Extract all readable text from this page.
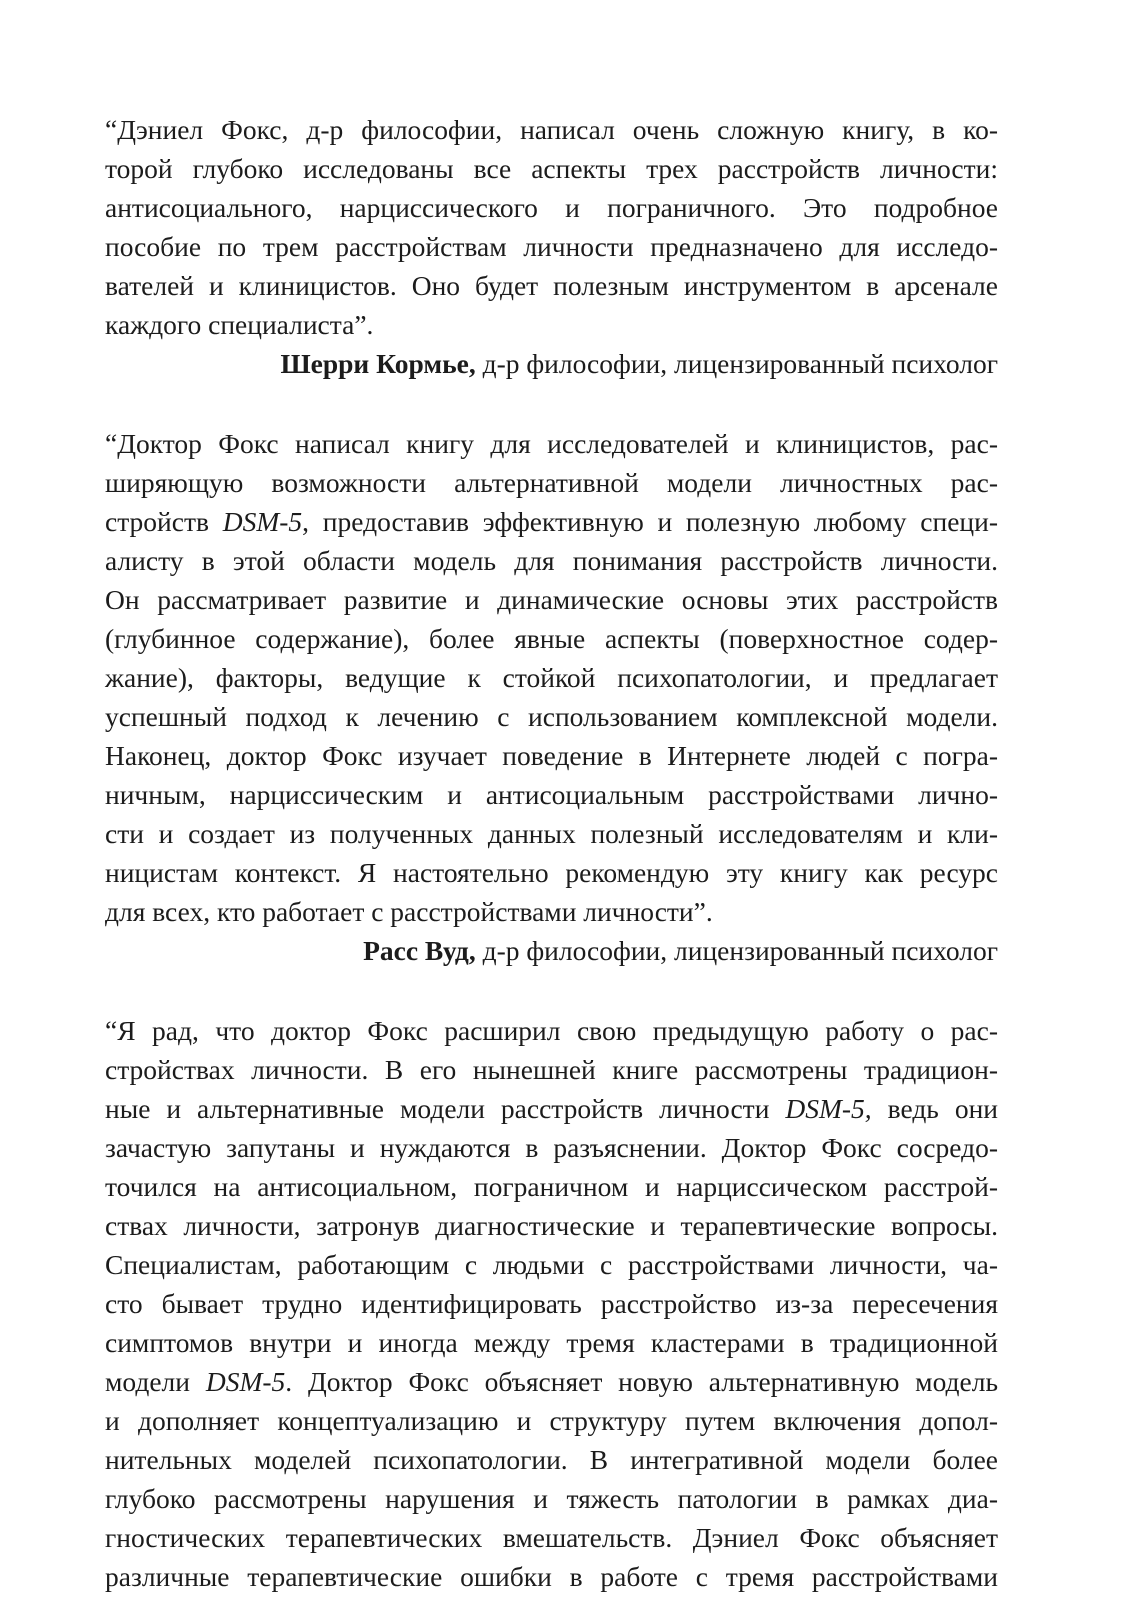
“Дэниел Фокс, д-р философии, написал очень сложную книгу, в ко-

торой глубоко исследованы все аспекты трех расстройств личности:

антисоциального, нарциссического и пограничного. Это подробное

пособие по трем расстройствам личности предназначено для исследо-

вателей и клиницистов. Оно будет полезным инструментом в арсенале

каждого специалиста”.

Шерри Кормье, д-р философии, лицензированный психолог

“Доктор Фокс написал книгу для исследователей и клиницистов, рас-

ширяющую возможности альтернативной модели личностных рас-

стройств DSM-5, предоставив эффективную и полезную любому специ-

алисту в этой области модель для понимания расстройств личности.

Он рассматривает развитие и динамические основы этих расстройств

(глубинное содержание), более явные аспекты (поверхностное содер-

жание), факторы, ведущие к стойкой психопатологии, и предлагает

успешный подход к лечению с использованием комплексной модели.

Наконец, доктор Фокс изучает поведение в Интернете людей с погра-

ничным, нарциссическим и антисоциальным расстройствами лично-

сти и создает из полученных данных полезный исследователям и кли-

ницистам контекст. Я настоятельно рекомендую эту книгу как ресурс

для всех, кто работает с расстройствами личности”.

Расс Вуд, д-р философии, лицензированный психолог

“Я рад, что доктор Фокс расширил свою предыдущую работу о рас-

стройствах личности. В его нынешней книге рассмотрены традицион-

ные и альтернативные модели расстройств личности DSM-5, ведь они

зачастую запутаны и нуждаются в разъяснении. Доктор Фокс сосредо-

точился на антисоциальном, пограничном и нарциссическом расстрой-

ствах личности, затронув диагностические и терапевтические вопросы.

Специалистам, работающим с людьми с расстройствами личности, ча-

сто бывает трудно идентифицировать расстройство из-за пересечения

симптомов внутри и иногда между тремя кластерами в традиционной

модели DSM-5. Доктор Фокс объясняет новую альтернативную модель

и дополняет концептуализацию и структуру путем включения допол-

нительных моделей психопатологии. В интегративной модели более

глубоко рассмотрены нарушения и тяжесть патологии в рамках диа-

гностических терапевтических вмешательств. Дэниел Фокс объясняет

различные терапевтические ошибки в работе с тремя расстройствами
